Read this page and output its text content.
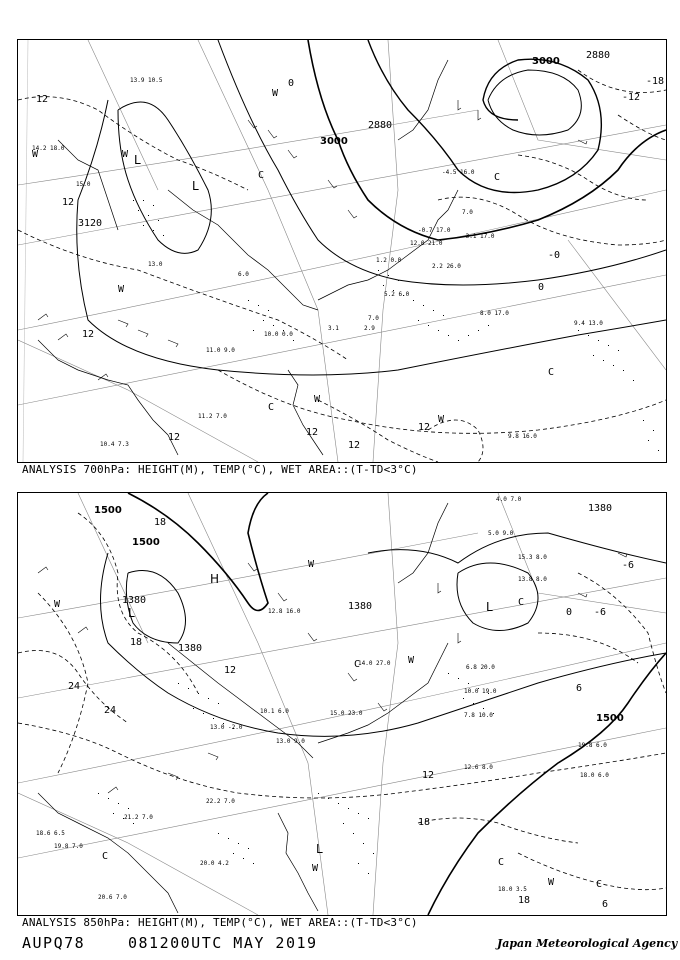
3000
3000
2880
2880
3120
12
12
12
12	12
12
12
-12
-18
-0
0
0
L
L
W
W
W
W
W
W
C
C
C
C
14.2 18.0
15.0
13.0
6.0
8.0 17.0
9.4 13.0
11.0 9.0
11.2 7.0
10.4 7.3
9.8 16.0
12.0 21.0
2.2 26.0
-4.5 16.0
7.0
-3.1 17.0
-0.7 17.0
1.2 0.0
5.2 6.0
7.0
2.9
3.1
10.0 0.0
13.9 10.5
ANALYSIS 700hPa: HEIGHT(M), TEMP(°C), WET AREA::(T-TD<3°C)
1500
1500
1500
1380
1380
1380
1380
18
18
18
18
24
24
12
12
-6
-6
6
0
6
L	L
L
H
W
W
W
W
W
C
C
C
C
C
4.0 7.0
5.0 9.0
15.3 8.0
13.8 8.0
6.8 20.0
10.0 19.0
7.8 10.0
12.6 8.0
18.0 6.0
19.8 6.0
18.0 3.5
22.2 7.0
21.2 7.0
20.0 4.2
20.6 7.0
18.6 6.5
19.8 7.0
14.0 27.0
15.0 23.0
13.0 9.0
13.0 -2.0
10.1 6.0
12.8 16.0
ANALYSIS 850hPa: HEIGHT(M), TEMP(°C), WET AREA::(T-TD<3°C)
AUPQ78	081200UTC MAY 2019	Japan Meteorological Agency
